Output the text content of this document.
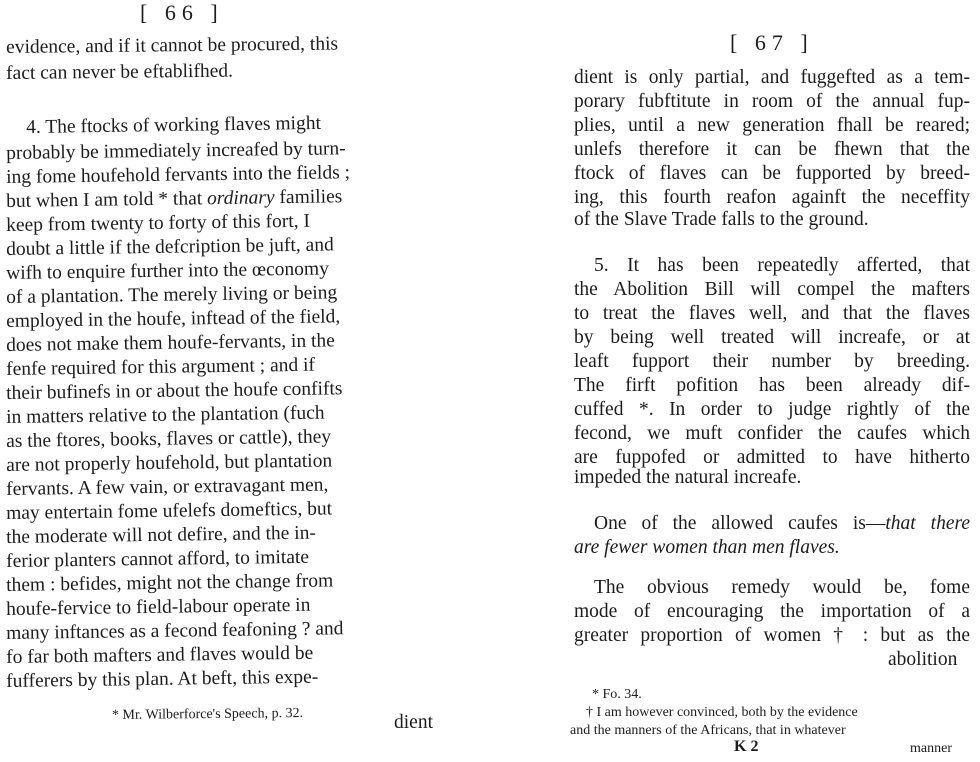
[ 66 ]
evidence, and if it cannot be procured, this
fact can never be eftablifhed.
4. The ftocks of working flaves might
probably be immediately increafed by turn-
ing fome houfehold fervants into the fields ;
but when I am told * that ordinary families
keep from twenty to forty of this fort, I
doubt a little if the defcription be juft, and
wifh to enquire further into the œconomy
of a plantation. The merely living or being
employed in the houfe, inftead of the field,
does not make them houfe-fervants, in the
fenfe required for this argument ; and if
their bufinefs in or about the houfe confifts
in matters relative to the plantation (fuch
as the ftores, books, flaves or cattle), they
are not properly houfehold, but plantation
fervants. A few vain, or extravagant men,
may entertain fome ufelefs domeftics, but
the moderate will not defire, and the in-
ferior planters cannot afford, to imitate
them : befides, might not the change from
houfe-fervice to field-labour operate in
many inftances as a fecond feafoning ? and
fo far both mafters and flaves would be
fufferers by this plan. At beft, this expe-
* Mr. Wilberforce's Speech, p. 32.	dient
[ 67 ]
dient is only partial, and fuggefted as a tem-
porary fubftitute in room of the annual fup-
plies, until a new generation fhall be reared;
unlefs therefore it can be fhewn that the
ftock of flaves can be fupported by breed-
ing, this fourth reafon againft the neceffity
of the Slave Trade falls to the ground.
5. It has been repeatedly afferted, that
the Abolition Bill will compel the mafters
to treat the flaves well, and that the flaves
by being well treated will increafe, or at
leaft fupport their number by breeding.
The firft pofition has been already dif-
cuffed *. In order to judge rightly of the
fecond, we muft confider the caufes which
are fuppofed or admitted to have hitherto
impeded the natural increafe.
One of the allowed caufes is—that there
are fewer women than men flaves.
The obvious remedy would be, fome
mode of encouraging the importation of a
greater proportion of women † : but as the
abolition
* Fo. 34.
† I am however convinced, both by the evidence
and the manners of the Africans, that in whatever
K 2	manner
